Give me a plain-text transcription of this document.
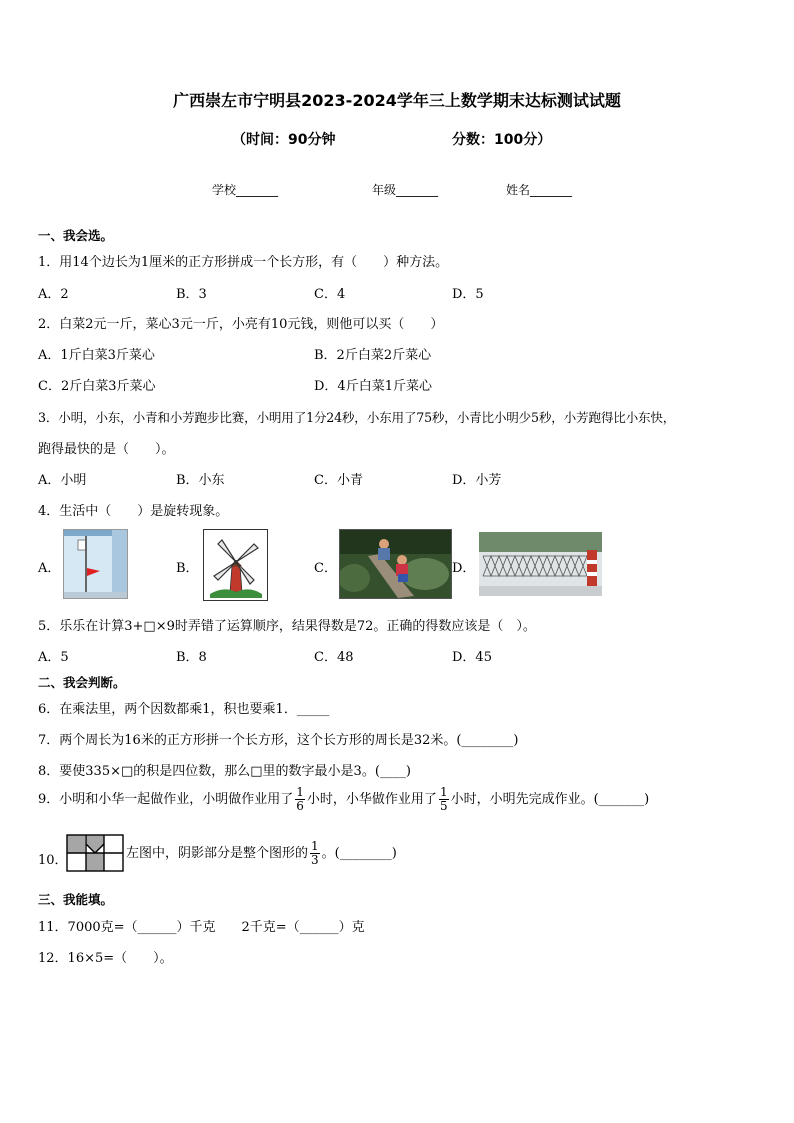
广西崇左市宁明县2023-2024学年三上数学期末达标测试试题
（时间：90分钟	分数：100分）
学校_______	年级_______	姓名_______
一、我会选。
1．用14个边长为1厘米的正方形拼成一个长方形，有（　　）种方法。
A．2	B．3	C．4	D．5
2．白菜2元一斤，菜心3元一斤，小亮有10元钱，则他可以买（　　）
A．1斤白菜3斤菜心	B．2斤白菜2斤菜心
C．2斤白菜3斤菜心	D．4斤白菜1斤菜心
3．小明，小东，小青和小芳跑步比赛，小明用了1分24秒，小东用了75秒，小青比小明少5秒，小芳跑得比小东快，
跑得最快的是（　　）。
A．小明	B．小东	C．小青	D．小芳
4．生活中（　　）是旋转现象。
A．	B．	C．	D．
5．乐乐在计算3+□×9时弄错了运算顺序，结果得数是72。正确的得数应该是（　）。
A．5	B．8	C．48	D．45
二、我会判断。
6．在乘法里，两个因数都乘1，积也要乘1．_____
7．两个周长为16米的正方形拼一个长方形，这个长方形的周长是32米。(________)
8．要使335×□的积是四位数，那么□里的数字最小是3。(____)
9．小明和小华一起做作业，小明做作业用了 $\frac{1}{6}$ 小时，小华做作业用了 $\frac{1}{5}$ 小时，小明先完成作业。(_______)
10．	左图中，阴影部分是整个图形的 $\frac{1}{3}$ 。(________)
三、我能填。
11．7000克=（______）千克　　2千克=（______）克
12．16×5=（　　）。
